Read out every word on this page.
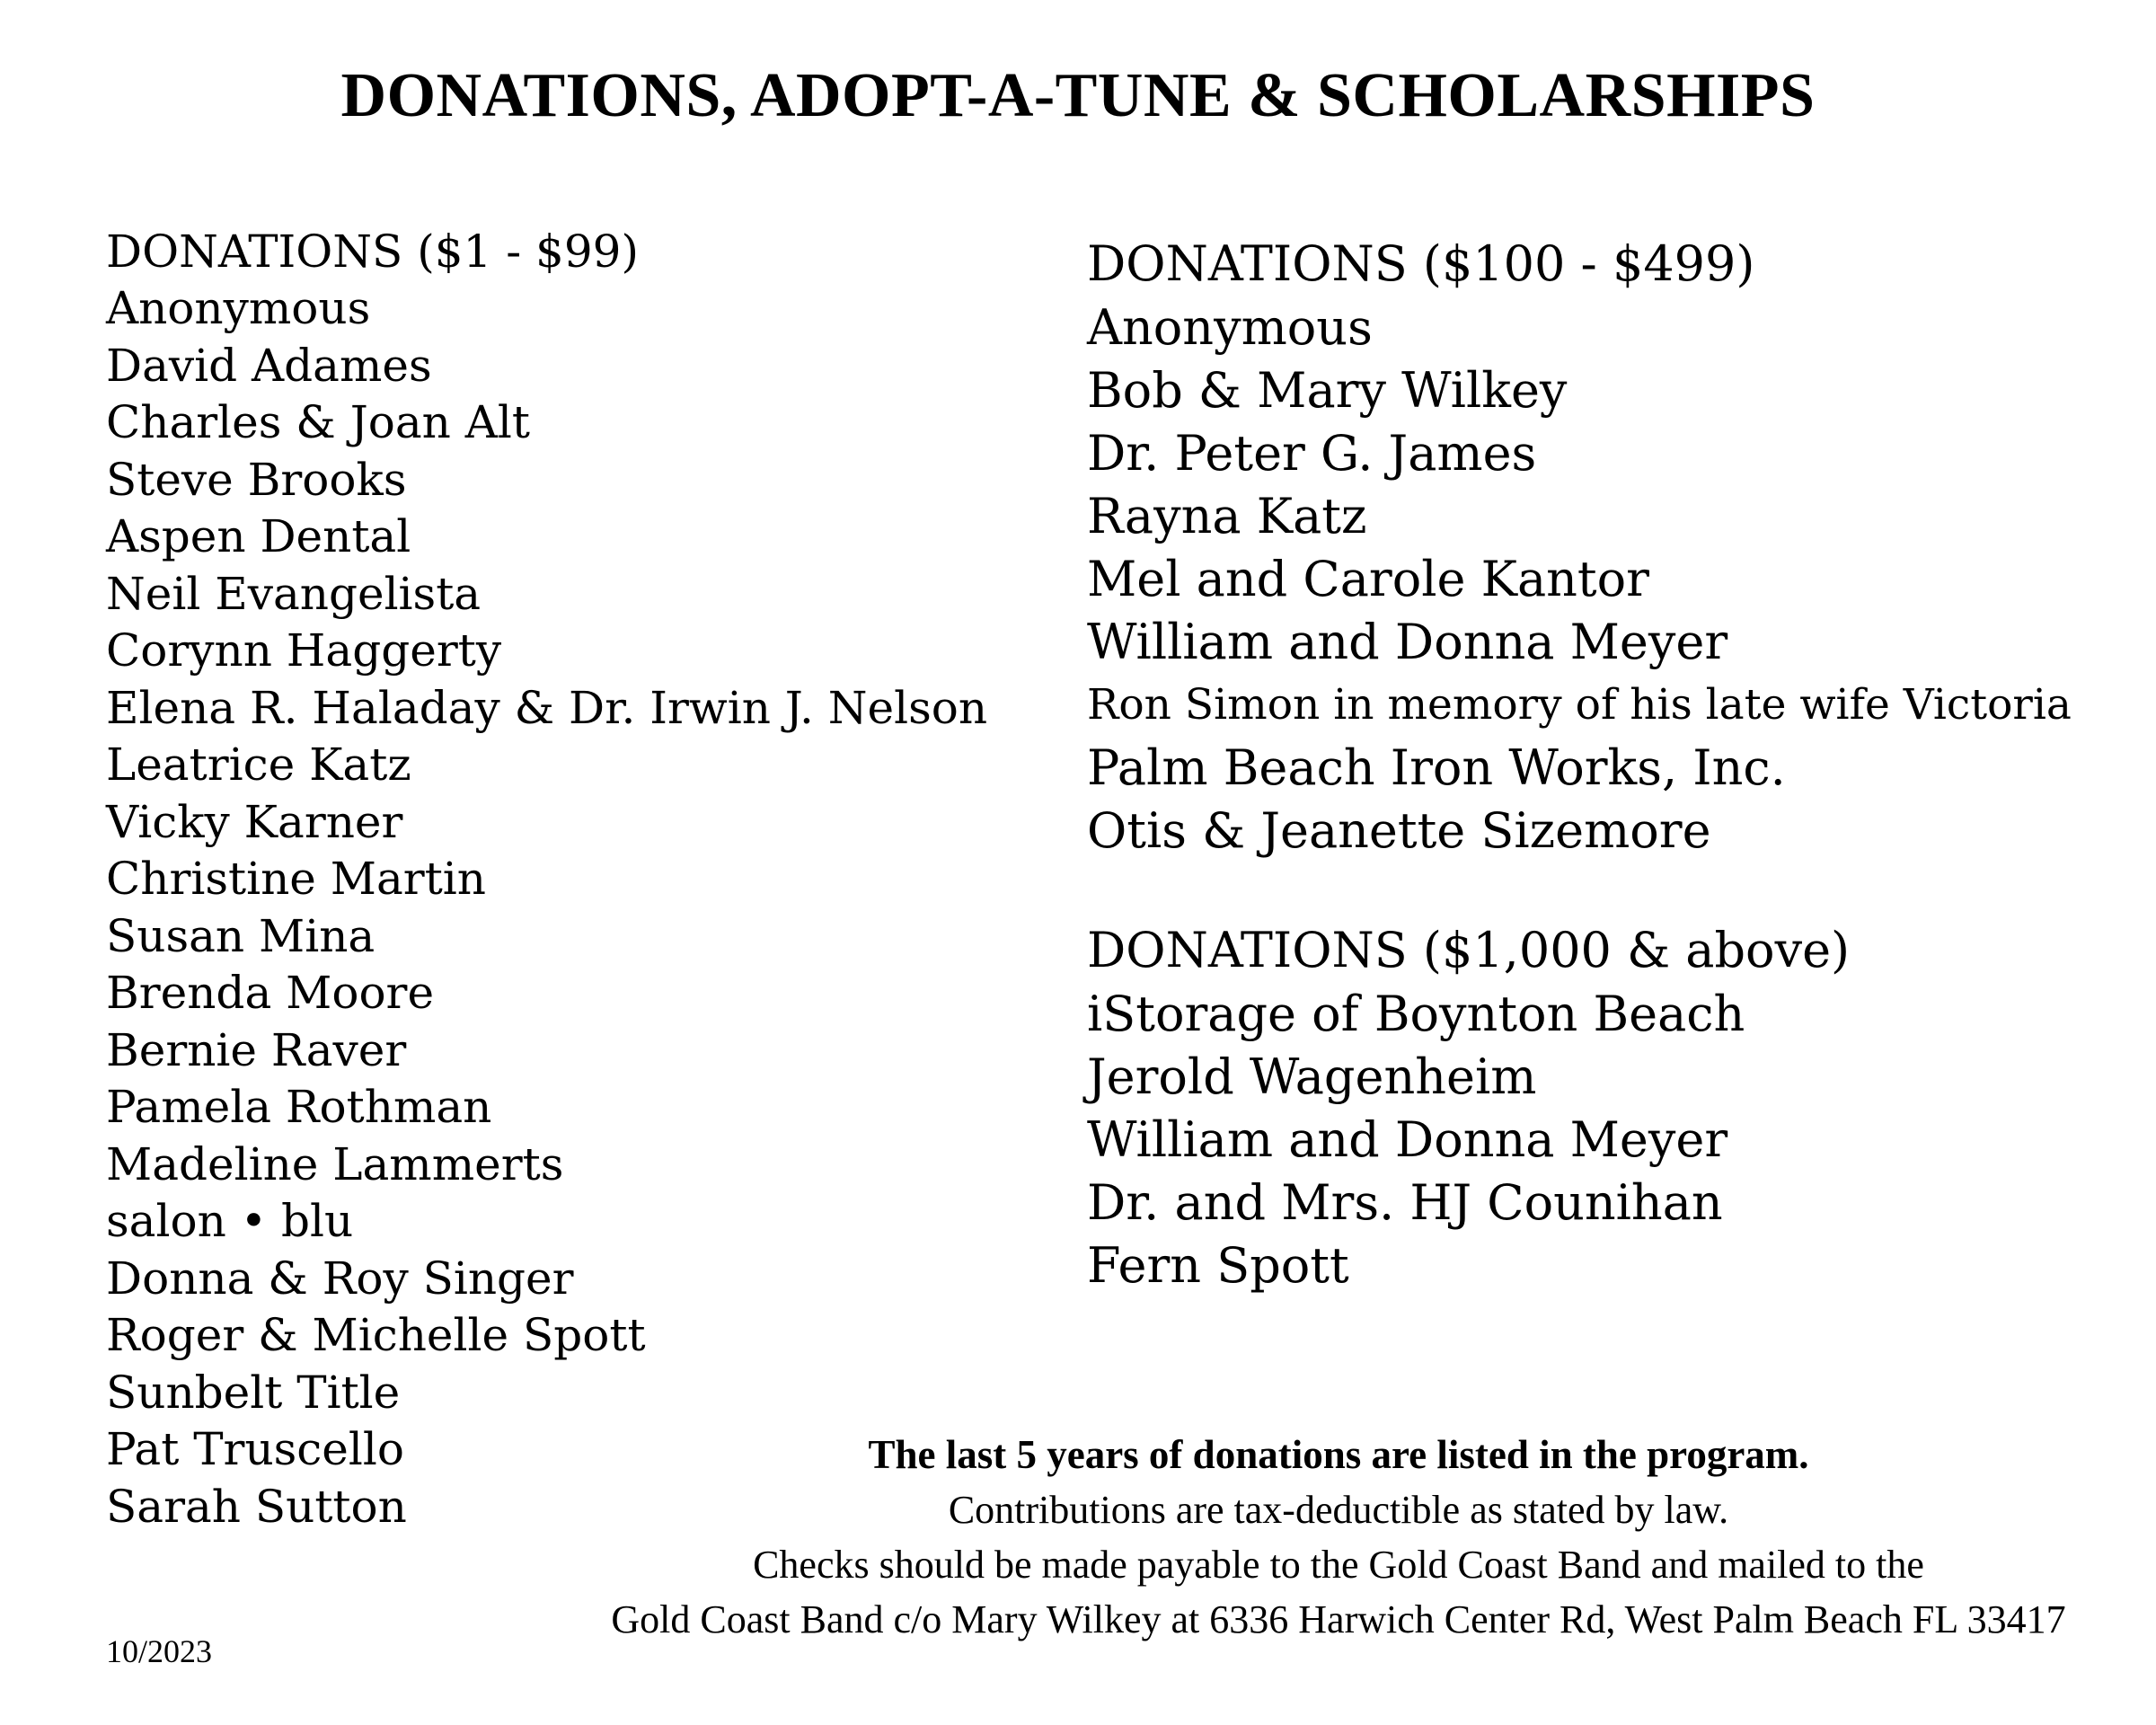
DONATIONS, ADOPT-A-TUNE & SCHOLARSHIPS
DONATIONS ($1 - $99)
Anonymous
David Adames
Charles & Joan Alt
Steve Brooks
Aspen Dental
Neil Evangelista
Corynn Haggerty
Elena R. Haladay & Dr. Irwin J. Nelson
Leatrice Katz
Vicky Karner
Christine Martin
Susan Mina
Brenda Moore
Bernie Raver
Pamela Rothman
Madeline Lammerts
salon • blu
Donna & Roy Singer
Roger & Michelle Spott
Sunbelt Title
Pat Truscello
Sarah Sutton
DONATIONS ($100 - $499)
Anonymous
Bob & Mary Wilkey
Dr. Peter G. James
Rayna Katz
Mel and Carole Kantor
William and Donna Meyer
Ron Simon in memory of his late wife Victoria
Palm Beach Iron Works, Inc.
Otis & Jeanette Sizemore
DONATIONS ($1,000 & above)
iStorage of Boynton Beach
Jerold Wagenheim
William and Donna Meyer
Dr. and Mrs. HJ Counihan
Fern Spott

The last 5 years of donations are listed in the program.

Contributions are tax-deductible as stated by law.

Checks should be made payable to the Gold Coast Band and mailed to the

Gold Coast Band c/o Mary Wilkey at 6336 Harwich Center Rd, West Palm Beach FL 33417

10/2023
